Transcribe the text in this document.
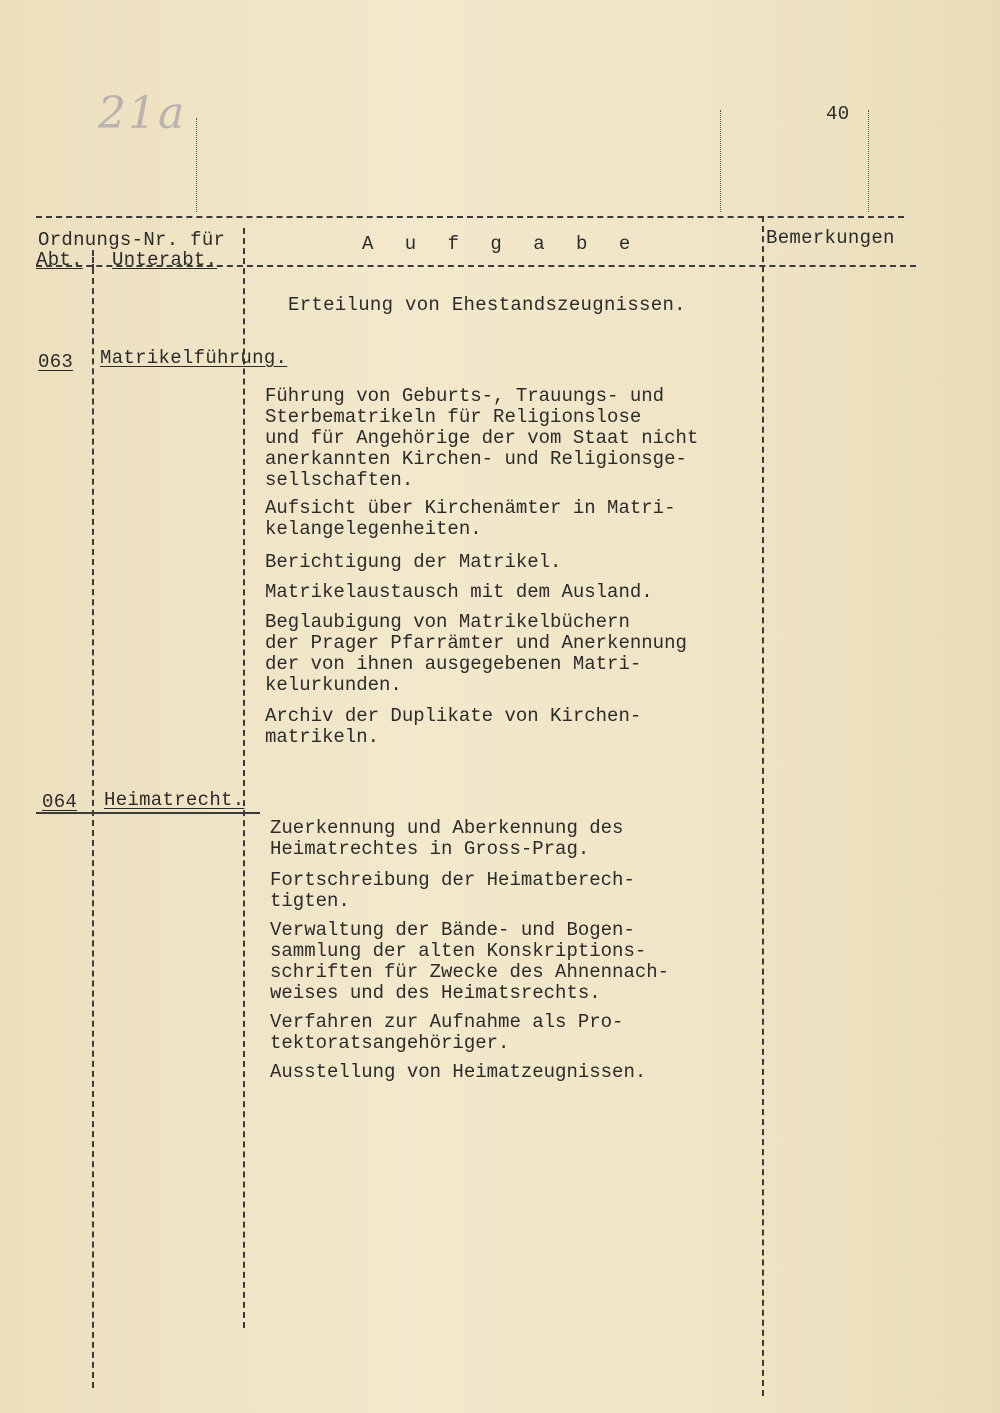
21a	40
Ordnungs-Nr. für
Abt. Unterabt.
A u f g a b e	Bemerkungen
Erteilung von Ehestandszeugnissen.
063 Matrikelführung.
Führung von Geburts-, Trauungs- und
Sterbematrikeln für Religionslose
und für Angehörige der vom Staat nicht
anerkannten Kirchen- und Religionsge-
sellschaften.
Aufsicht über Kirchenämter in Matri-
kelangelegenheiten.
Berichtigung der Matrikel.
Matrikelaustausch mit dem Ausland.
Beglaubigung von Matrikelbüchern
der Prager Pfarrämter und Anerkennung
der von ihnen ausgegebenen Matri-
kelurkunden.
Archiv der Duplikate von Kirchen-
matrikeln.
064 Heimatrecht.
Zuerkennung und Aberkennung des
Heimatrechtes in Gross-Prag.
Fortschreibung der Heimatberech-
tigten.
Verwaltung der Bände- und Bogen-
sammlung der alten Konskriptions-
schriften für Zwecke des Ahnennach-
weises und des Heimatsrechts.
Verfahren zur Aufnahme als Pro-
tektoratsangehöriger.
Ausstellung von Heimatzeugnissen.
